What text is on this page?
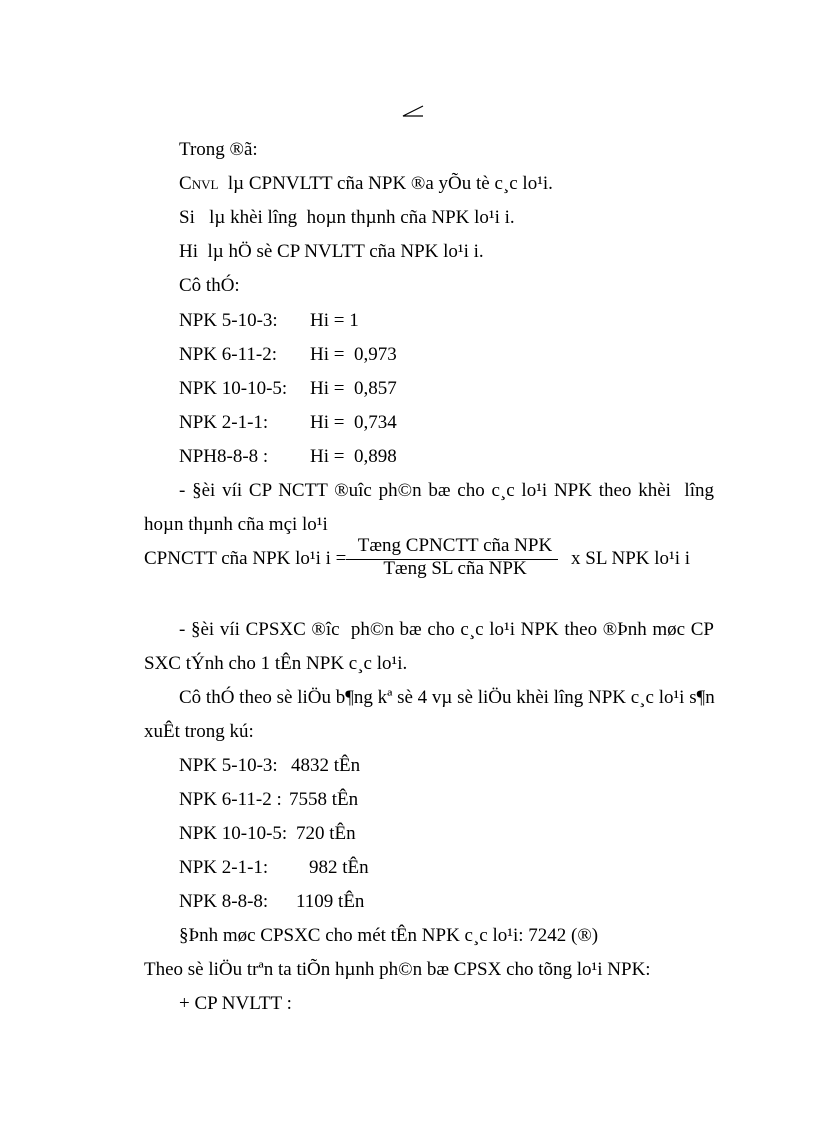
Trong ®ã:
CNVL  lµ CPNVLTT cña NPK ®a yÕu tè c¸c lo¹i.
Si   lµ khèi lîng  hoµn thµnh cña NPK lo¹i i.
Hi  lµ hÖ sè CP NVLTT cña NPK lo¹i i.
Cô thÓ:
NPK 5-10-3: Hi = 1
NPK 6-11-2: Hi =  0,973
NPK 10-10-5: Hi =  0,857
NPK 2-1-1: Hi =  0,734
NPH8-8-8 : Hi =  0,898
- §èi víi CP NCTT ®uîc ph©n bæ cho c¸c lo¹i NPK theo khèi  lîng
hoµn thµnh cña mçi lo¹i
CPNCTT cña NPK lo¹i i =
Tæng CPNCTT cña NPK
Tæng SL cña NPK	x SL NPK lo¹i i
- §èi víi CPSXC ®îc  ph©n bæ cho c¸c lo¹i NPK theo ®Þnh møc CP
SXC tÝnh cho 1 tÊn NPK c¸c lo¹i.
Cô thÓ theo sè liÖu b¶ng kª sè 4 vµ sè liÖu khèi lîng NPK c¸c lo¹i s¶n
xuÊt trong kú:
NPK 5-10-3: 4832 tÊn
NPK 6-11-2 : 7558 tÊn
NPK 10-10-5: 720 tÊn
NPK 2-1-1: 982 tÊn
NPK 8-8-8: 1109 tÊn
§Þnh møc CPSXC cho mét tÊn NPK c¸c lo¹i: 7242 (®)
Theo sè liÖu trªn ta tiÕn hµnh ph©n bæ CPSX cho tõng lo¹i NPK:
+ CP NVLTT :
